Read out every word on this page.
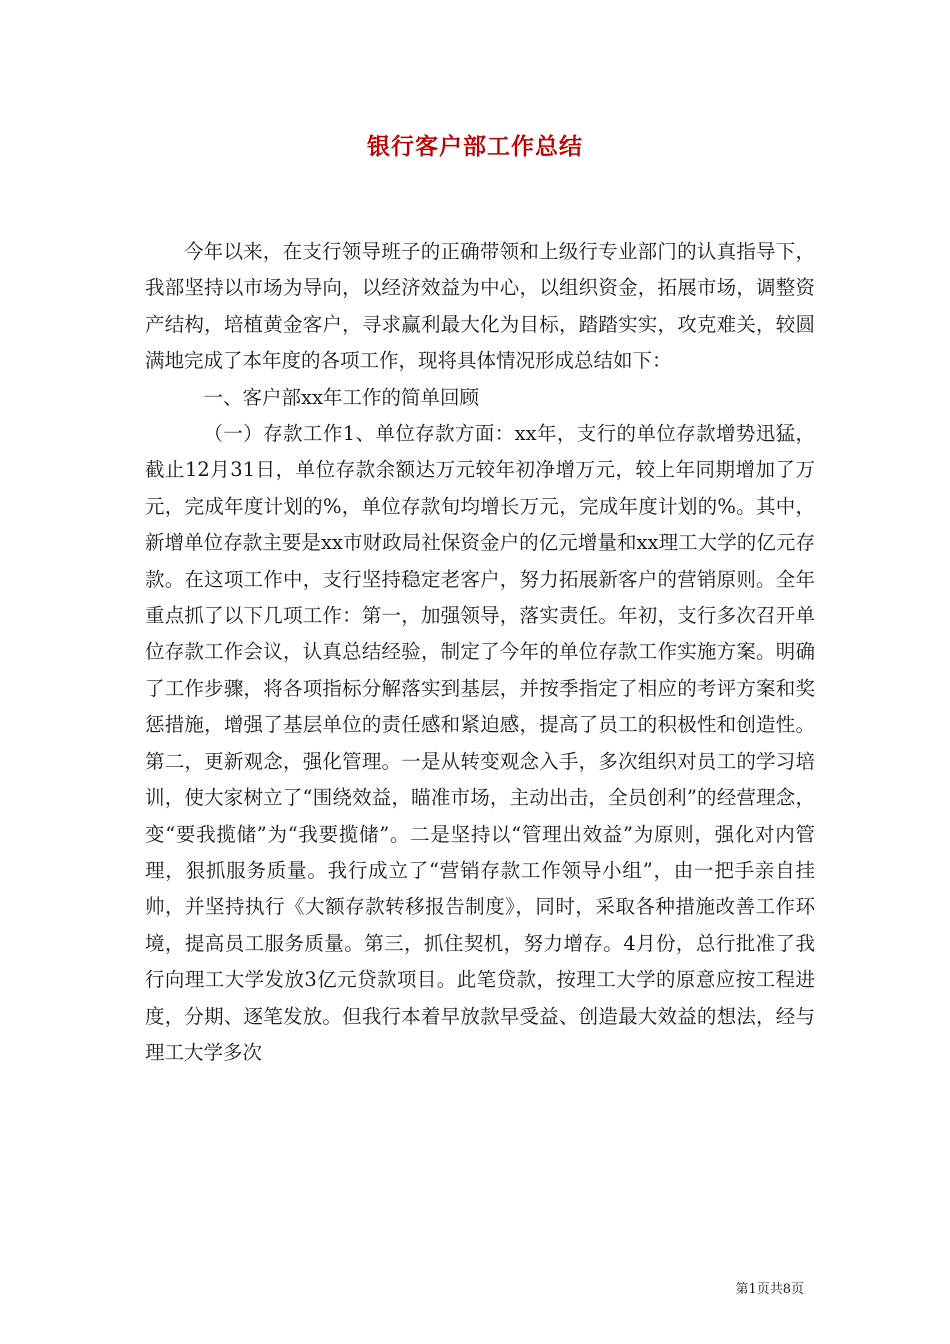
银行客户部工作总结

今年以来，在支行领导班子的正确带领和上级行专业部门的认真指导下，我部坚持以市场为导向，以经济效益为中心，以组织资金，拓展市场，调整资产结构，培植黄金客户，寻求赢利最大化为目标，踏踏实实，攻克难关，较圆满地完成了本年度的各项工作，现将具体情况形成总结如下：

一、客户部xx年工作的简单回顾

（一）存款工作1、单位存款方面：xx年，支行的单位存款增势迅猛，截止12月31日，单位存款余额达万元较年初净增万元，较上年同期增加了万元，完成年度计划的%，单位存款旬均增长万元，完成年度计划的%。其中，新增单位存款主要是xx市财政局社保资金户的亿元增量和xx理工大学的亿元存款。在这项工作中，支行坚持稳定老客户，努力拓展新客户的营销原则。全年重点抓了以下几项工作：第一，加强领导，落实责任。年初，支行多次召开单位存款工作会议，认真总结经验，制定了今年的单位存款工作实施方案。明确了工作步骤，将各项指标分解落实到基层，并按季指定了相应的考评方案和奖惩措施，增强了基层单位的责任感和紧迫感，提高了员工的积极性和创造性。第二，更新观念，强化管理。一是从转变观念入手，多次组织对员工的学习培训，使大家树立了“围绕效益，瞄准市场，主动出击，全员创利”的经营理念，变“要我揽储”为“我要揽储”。二是坚持以“管理出效益”为原则，强化对内管理，狠抓服务质量。我行成立了“营销存款工作领导小组”，由一把手亲自挂帅，并坚持执行《大额存款转移报告制度》，同时，采取各种措施改善工作环境，提高员工服务质量。第三，抓住契机，努力增存。4月份，总行批准了我行向理工大学发放3亿元贷款项目。此笔贷款，按理工大学的原意应按工程进度，分期、逐笔发放。但我行本着早放款早受益、创造最大效益的想法，经与理工大学多次

第1页共8页
